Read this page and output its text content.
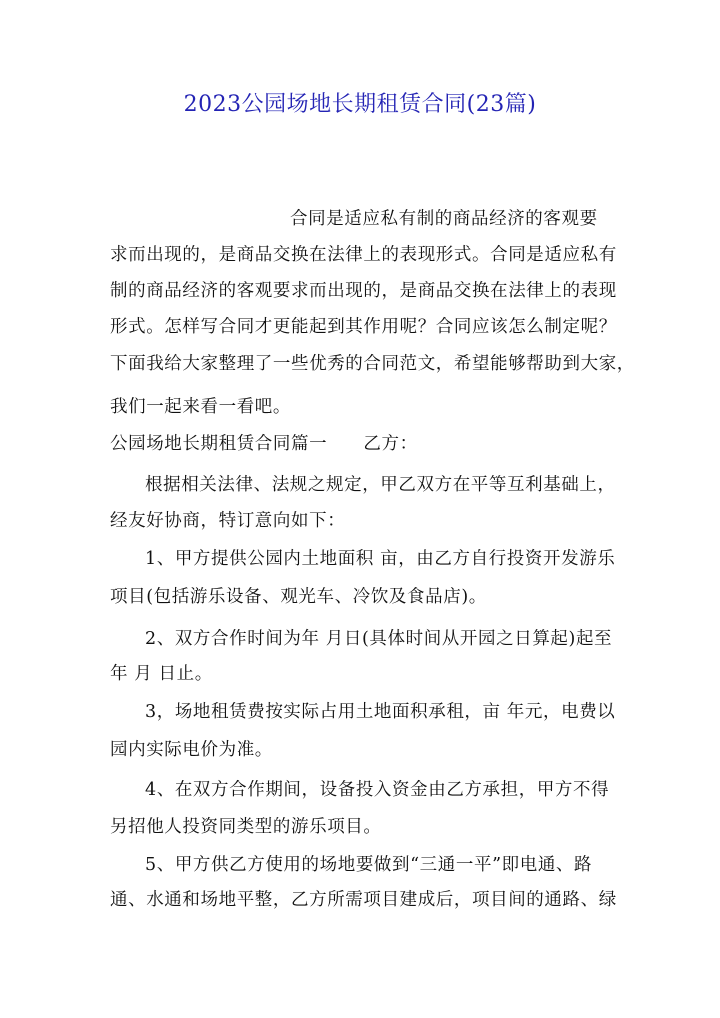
2023公园场地长期租赁合同(23篇)
合同是适应私有制的商品经济的客观要
求而出现的，是商品交换在法律上的表现形式。合同是适应私有
制的商品经济的客观要求而出现的，是商品交换在法律上的表现
形式。怎样写合同才更能起到其作用呢？合同应该怎么制定呢？
下面我给大家整理了一些优秀的合同范文，希望能够帮助到大家，
我们一起来看一看吧。
公园场地长期租赁合同篇一　　乙方：
根据相关法律、法规之规定，甲乙双方在平等互利基础上，
经友好协商，特订意向如下：
1、甲方提供公园内土地面积 亩，由乙方自行投资开发游乐
项目(包括游乐设备、观光车、冷饮及食品店)。
2、双方合作时间为年 月日(具体时间从开园之日算起)起至
年 月 日止。
3，场地租赁费按实际占用土地面积承租，亩 年元，电费以
园内实际电价为准。
4、在双方合作期间，设备投入资金由乙方承担，甲方不得
另招他人投资同类型的游乐项目。
5、甲方供乙方使用的场地要做到“三通一平”即电通、路
通、水通和场地平整，乙方所需项目建成后，项目间的通路、绿
